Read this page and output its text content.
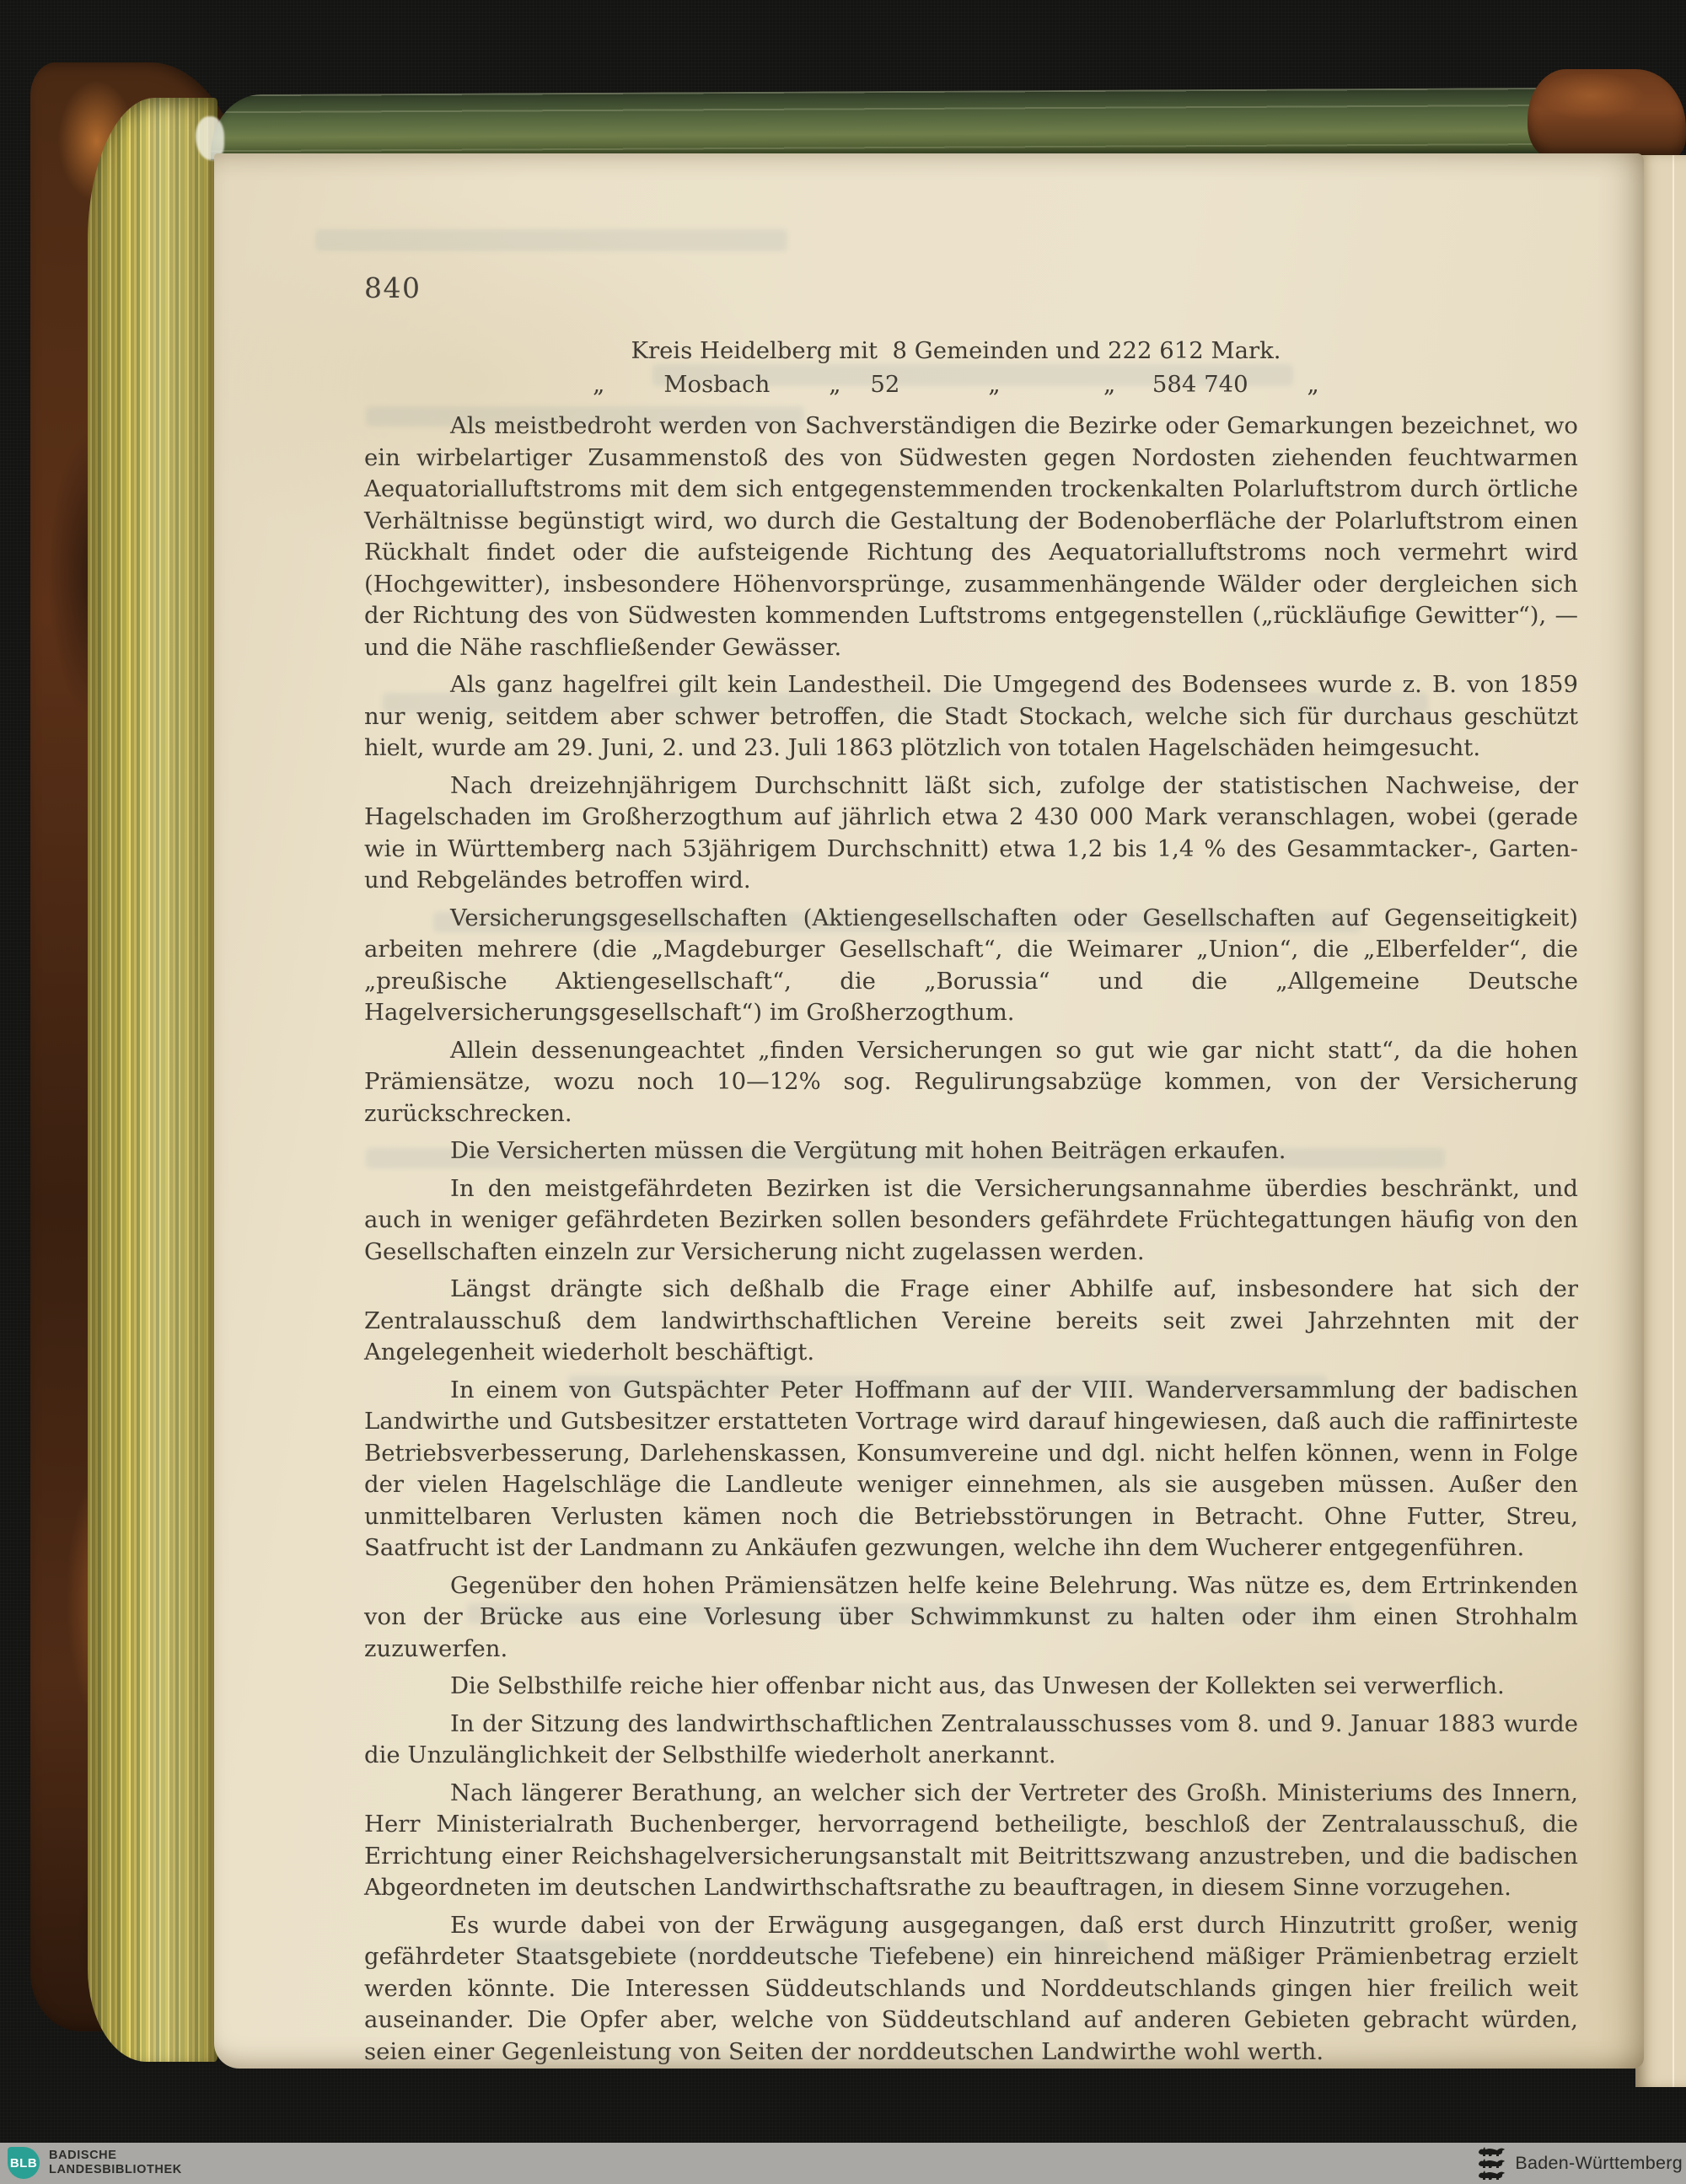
840
Kreis Heidelberg mit  8 Gemeinden und 222 612 Mark.
„        Mosbach        „    52            „              „     584 740        „

Als meistbedroht werden von Sachverständigen die Bezirke oder Gemarkungen bezeichnet, wo ein wirbelartiger Zusammenstoß des von Südwesten gegen Nordosten ziehenden feuchtwarmen Aequatorialluftstroms mit dem sich entgegenstemmenden trockenkalten Polarluftstrom durch örtliche Verhältnisse begünstigt wird, wo durch die Gestaltung der Bodenoberfläche der Polarluftstrom einen Rückhalt findet oder die aufsteigende Richtung des Aequatorialluftstroms noch vermehrt wird (Hochgewitter), insbesondere Höhenvorsprünge, zusammenhängende Wälder oder dergleichen sich der Richtung des von Südwesten kommenden Luftstroms entgegenstellen („rückläufige Gewitter“), — und die Nähe raschfließender Gewässer.

Als ganz hagelfrei gilt kein Landestheil. Die Umgegend des Bodensees wurde z. B. von 1859 nur wenig, seitdem aber schwer betroffen, die Stadt Stockach, welche sich für durchaus geschützt hielt, wurde am 29. Juni, 2. und 23. Juli 1863 plötzlich von totalen Hagelschäden heimgesucht.

Nach dreizehnjährigem Durchschnitt läßt sich, zufolge der statistischen Nachweise, der Hagelschaden im Großherzogthum auf jährlich etwa 2 430 000 Mark veranschlagen, wobei (gerade wie in Württemberg nach 53jährigem Durchschnitt) etwa 1,2 bis 1,4 % des Gesammtacker-, Garten- und Rebgeländes betroffen wird.

Versicherungsgesellschaften (Aktiengesellschaften oder Gesellschaften auf Gegenseitigkeit) arbeiten mehrere (die „Magdeburger Gesellschaft“, die Weimarer „Union“, die „Elberfelder“, die „preußische Aktiengesellschaft“, die „Borussia“ und die „Allgemeine Deutsche Hagelversicherungsgesellschaft“) im Großherzogthum.

Allein dessenungeachtet „finden Versicherungen so gut wie gar nicht statt“, da die hohen Prämiensätze, wozu noch 10—12% sog. Regulirungsabzüge kommen, von der Versicherung zurückschrecken.

Die Versicherten müssen die Vergütung mit hohen Beiträgen erkaufen.

In den meistgefährdeten Bezirken ist die Versicherungsannahme überdies beschränkt, und auch in weniger gefährdeten Bezirken sollen besonders gefährdete Früchtegattungen häufig von den Gesellschaften einzeln zur Versicherung nicht zugelassen werden.

Längst drängte sich deßhalb die Frage einer Abhilfe auf, insbesondere hat sich der Zentralausschuß dem landwirthschaftlichen Vereine bereits seit zwei Jahrzehnten mit der Angelegenheit wiederholt beschäftigt.

In einem von Gutspächter Peter Hoffmann auf der VIII. Wanderversammlung der badischen Landwirthe und Gutsbesitzer erstatteten Vortrage wird darauf hingewiesen, daß auch die raffinirteste Betriebsverbesserung, Darlehenskassen, Konsumvereine und dgl. nicht helfen können, wenn in Folge der vielen Hagelschläge die Landleute weniger einnehmen, als sie ausgeben müssen. Außer den unmittelbaren Verlusten kämen noch die Betriebsstörungen in Betracht. Ohne Futter, Streu, Saatfrucht ist der Landmann zu Ankäufen gezwungen, welche ihn dem Wucherer entgegenführen.

Gegenüber den hohen Prämiensätzen helfe keine Belehrung. Was nütze es, dem Ertrinkenden von der Brücke aus eine Vorlesung über Schwimmkunst zu halten oder ihm einen Strohhalm zuzuwerfen.

Die Selbsthilfe reiche hier offenbar nicht aus, das Unwesen der Kollekten sei verwerflich.

In der Sitzung des landwirthschaftlichen Zentralausschusses vom 8. und 9. Januar 1883 wurde die Unzulänglichkeit der Selbsthilfe wiederholt anerkannt.

Nach längerer Berathung, an welcher sich der Vertreter des Großh. Ministeriums des Innern, Herr Ministerialrath Buchenberger, hervorragend betheiligte, beschloß der Zentralausschuß, die Errichtung einer Reichshagelversicherungsanstalt mit Beitrittszwang anzustreben, und die badischen Abgeordneten im deutschen Landwirthschaftsrathe zu beauftragen, in diesem Sinne vorzugehen.

Es wurde dabei von der Erwägung ausgegangen, daß erst durch Hinzutritt großer, wenig gefährdeter Staatsgebiete (norddeutsche Tiefebene) ein hinreichend mäßiger Prämienbetrag erzielt werden könnte. Die Interessen Süddeutschlands und Norddeutschlands gingen hier freilich weit auseinander. Die Opfer aber, welche von Süddeutschland auf anderen Gebieten gebracht würden, seien einer Gegenleistung von Seiten der norddeutschen Landwirthe wohl werth.

BLB
BADISCHE
LANDESBIBLIOTHEK	Baden-Württemberg
